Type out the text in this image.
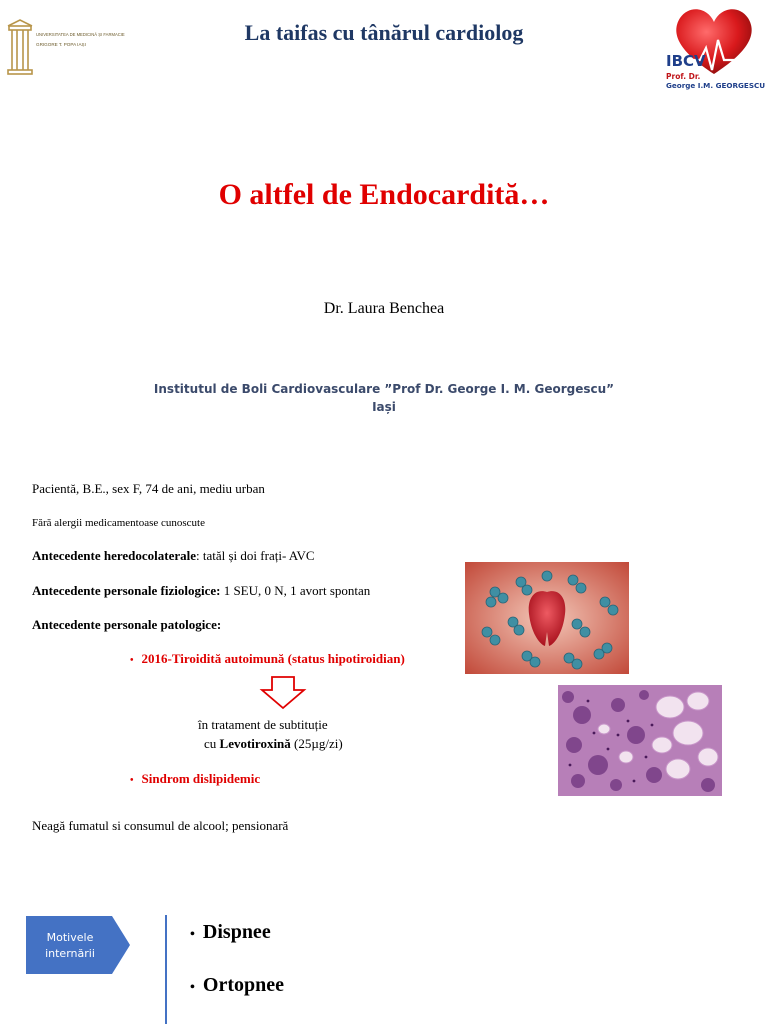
UNIVERSITATEA DE MEDICINĂ ȘI FARMACIE
GRIGORE T. POPA IAȘI	La taifas cu tânărul cardiolog
IBCV
Prof. Dr.
George I.M. GEORGESCU
O altfel de Endocardită…
Dr. Laura Benchea
Institutul de Boli Cardiovasculare ”Prof Dr. George I. M. Georgescu” Iași
Pacientă, B.E., sex F, 74 de ani, mediu urban
Fără alergii medicamentoase cunoscute
Antecedente heredocolaterale: tatăl și doi frați- AVC
Antecedente personale fiziologice: 1 SEU, 0 N, 1 avort spontan
Antecedente personale patologice:
• 2016-Tiroidită autoimună (status hipotiroidian)
în tratament de subtituție
cu Levotiroxină (25µg/zi)
• Sindrom dislipidemic
Neagă fumatul si consumul de alcool; pensionară
Motivele
internării
• Dispnee
• Ortopnee
